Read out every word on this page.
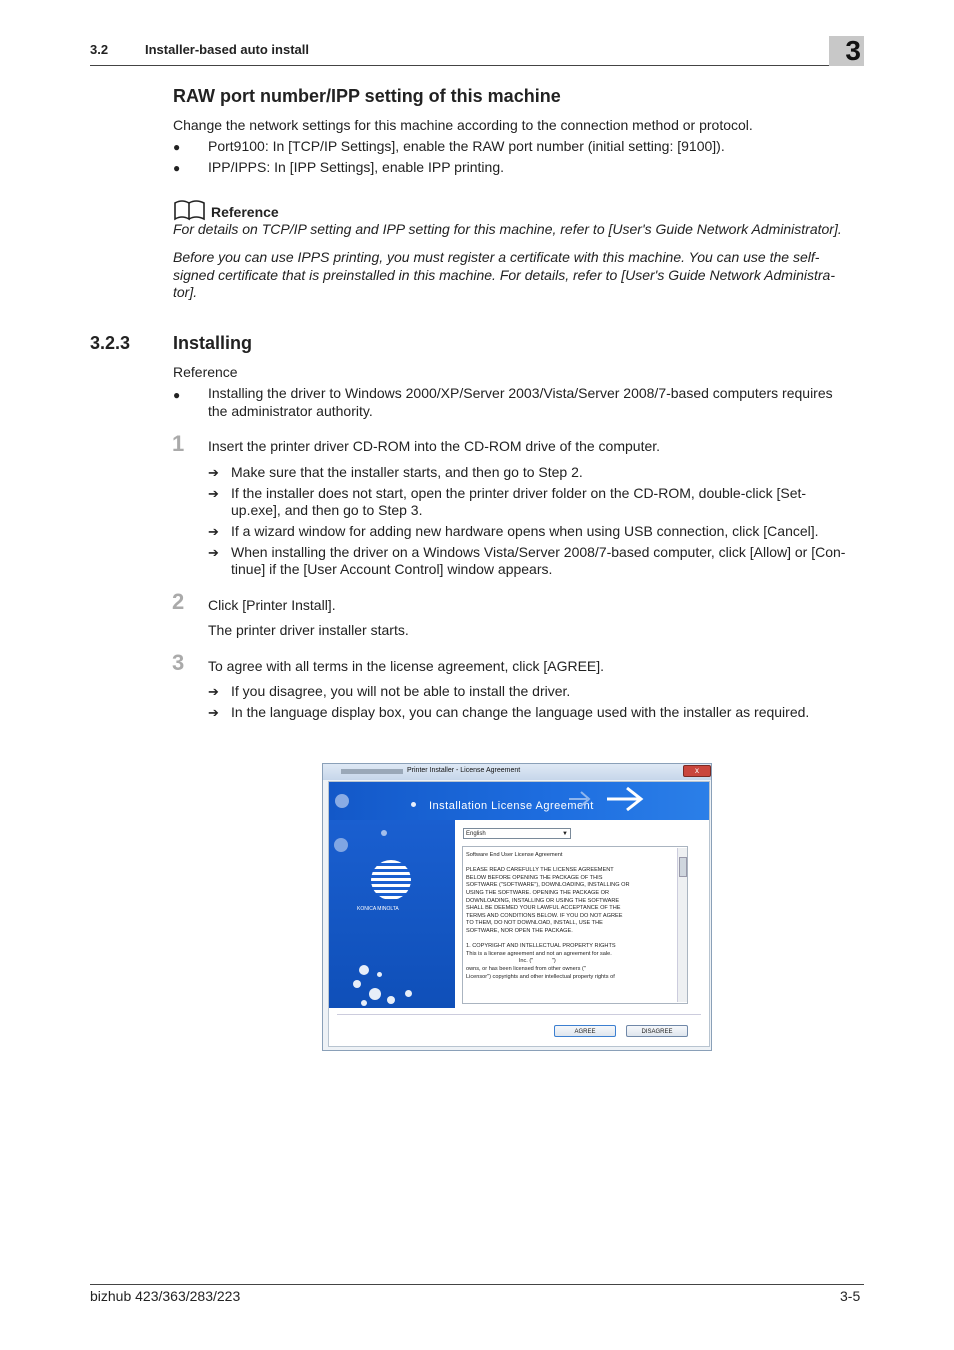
3.2	Installer-based auto install	3
RAW port number/IPP setting of this machine
Change the network settings for this machine according to the connection method or protocol.
● Port9100: In [TCP/IP Settings], enable the RAW port number (initial setting: [9100]).
● IPP/IPPS: In [IPP Settings], enable IPP printing.
Reference
For details on TCP/IP setting and IPP setting for this machine, refer to [User's Guide Network Administrator].
Before you can use IPPS printing, you must register a certificate with this machine. You can use the self-
signed certificate that is preinstalled in this machine. For details, refer to [User's Guide Network Administra-
tor].
3.2.3 Installing
Reference
● Installing the driver to Windows 2000/XP/Server 2003/Vista/Server 2008/7-based computers requires
the administrator authority.
1 Insert the printer driver CD-ROM into the CD-ROM drive of the computer.
➔ Make sure that the installer starts, and then go to Step 2.
➔ If the installer does not start, open the printer driver folder on the CD-ROM, double-click [Set-
up.exe], and then go to Step 3.
➔ If a wizard window for adding new hardware opens when using USB connection, click [Cancel].
➔ When installing the driver on a Windows Vista/Server 2008/7-based computer, click [Allow] or [Con-
tinue] if the [User Account Control] window appears.
2 Click [Printer Install].
The printer driver installer starts.
3 To agree with all terms in the license agreement, click [AGREE].
➔ If you disagree, you will not be able to install the driver.
➔ In the language display box, you can change the language used with the installer as required.
Printer Installer - License Agreement	x
Installation License Agreement
KONICA MINOLTA
English	▼
Software End User License Agreement

PLEASE READ CAREFULLY THE LICENSE AGREEMENT
BELOW BEFORE OPENING THE PACKAGE OF THIS
SOFTWARE ("SOFTWARE"), DOWNLOADING, INSTALLING OR
USING THE SOFTWARE. OPENING THE PACKAGE OR
DOWNLOADING, INSTALLING OR USING THE SOFTWARE
SHALL BE DEEMED YOUR LAWFUL ACCEPTANCE OF THE
TERMS AND CONDITIONS BELOW. IF YOU DO NOT AGREE
TO THEM, DO NOT DOWNLOAD, INSTALL, USE THE
SOFTWARE, NOR OPEN THE PACKAGE.

1. COPYRIGHT AND INTELLECTUAL PROPERTY RIGHTS
This is a license agreement and not an agreement for sale.
Inc. ("            ")
owns, or has been licensed from other owners ("
Licensor") copyrights and other intellectual property rights of
AGREE	DISAGREE
bizhub 423/363/283/223	3-5
